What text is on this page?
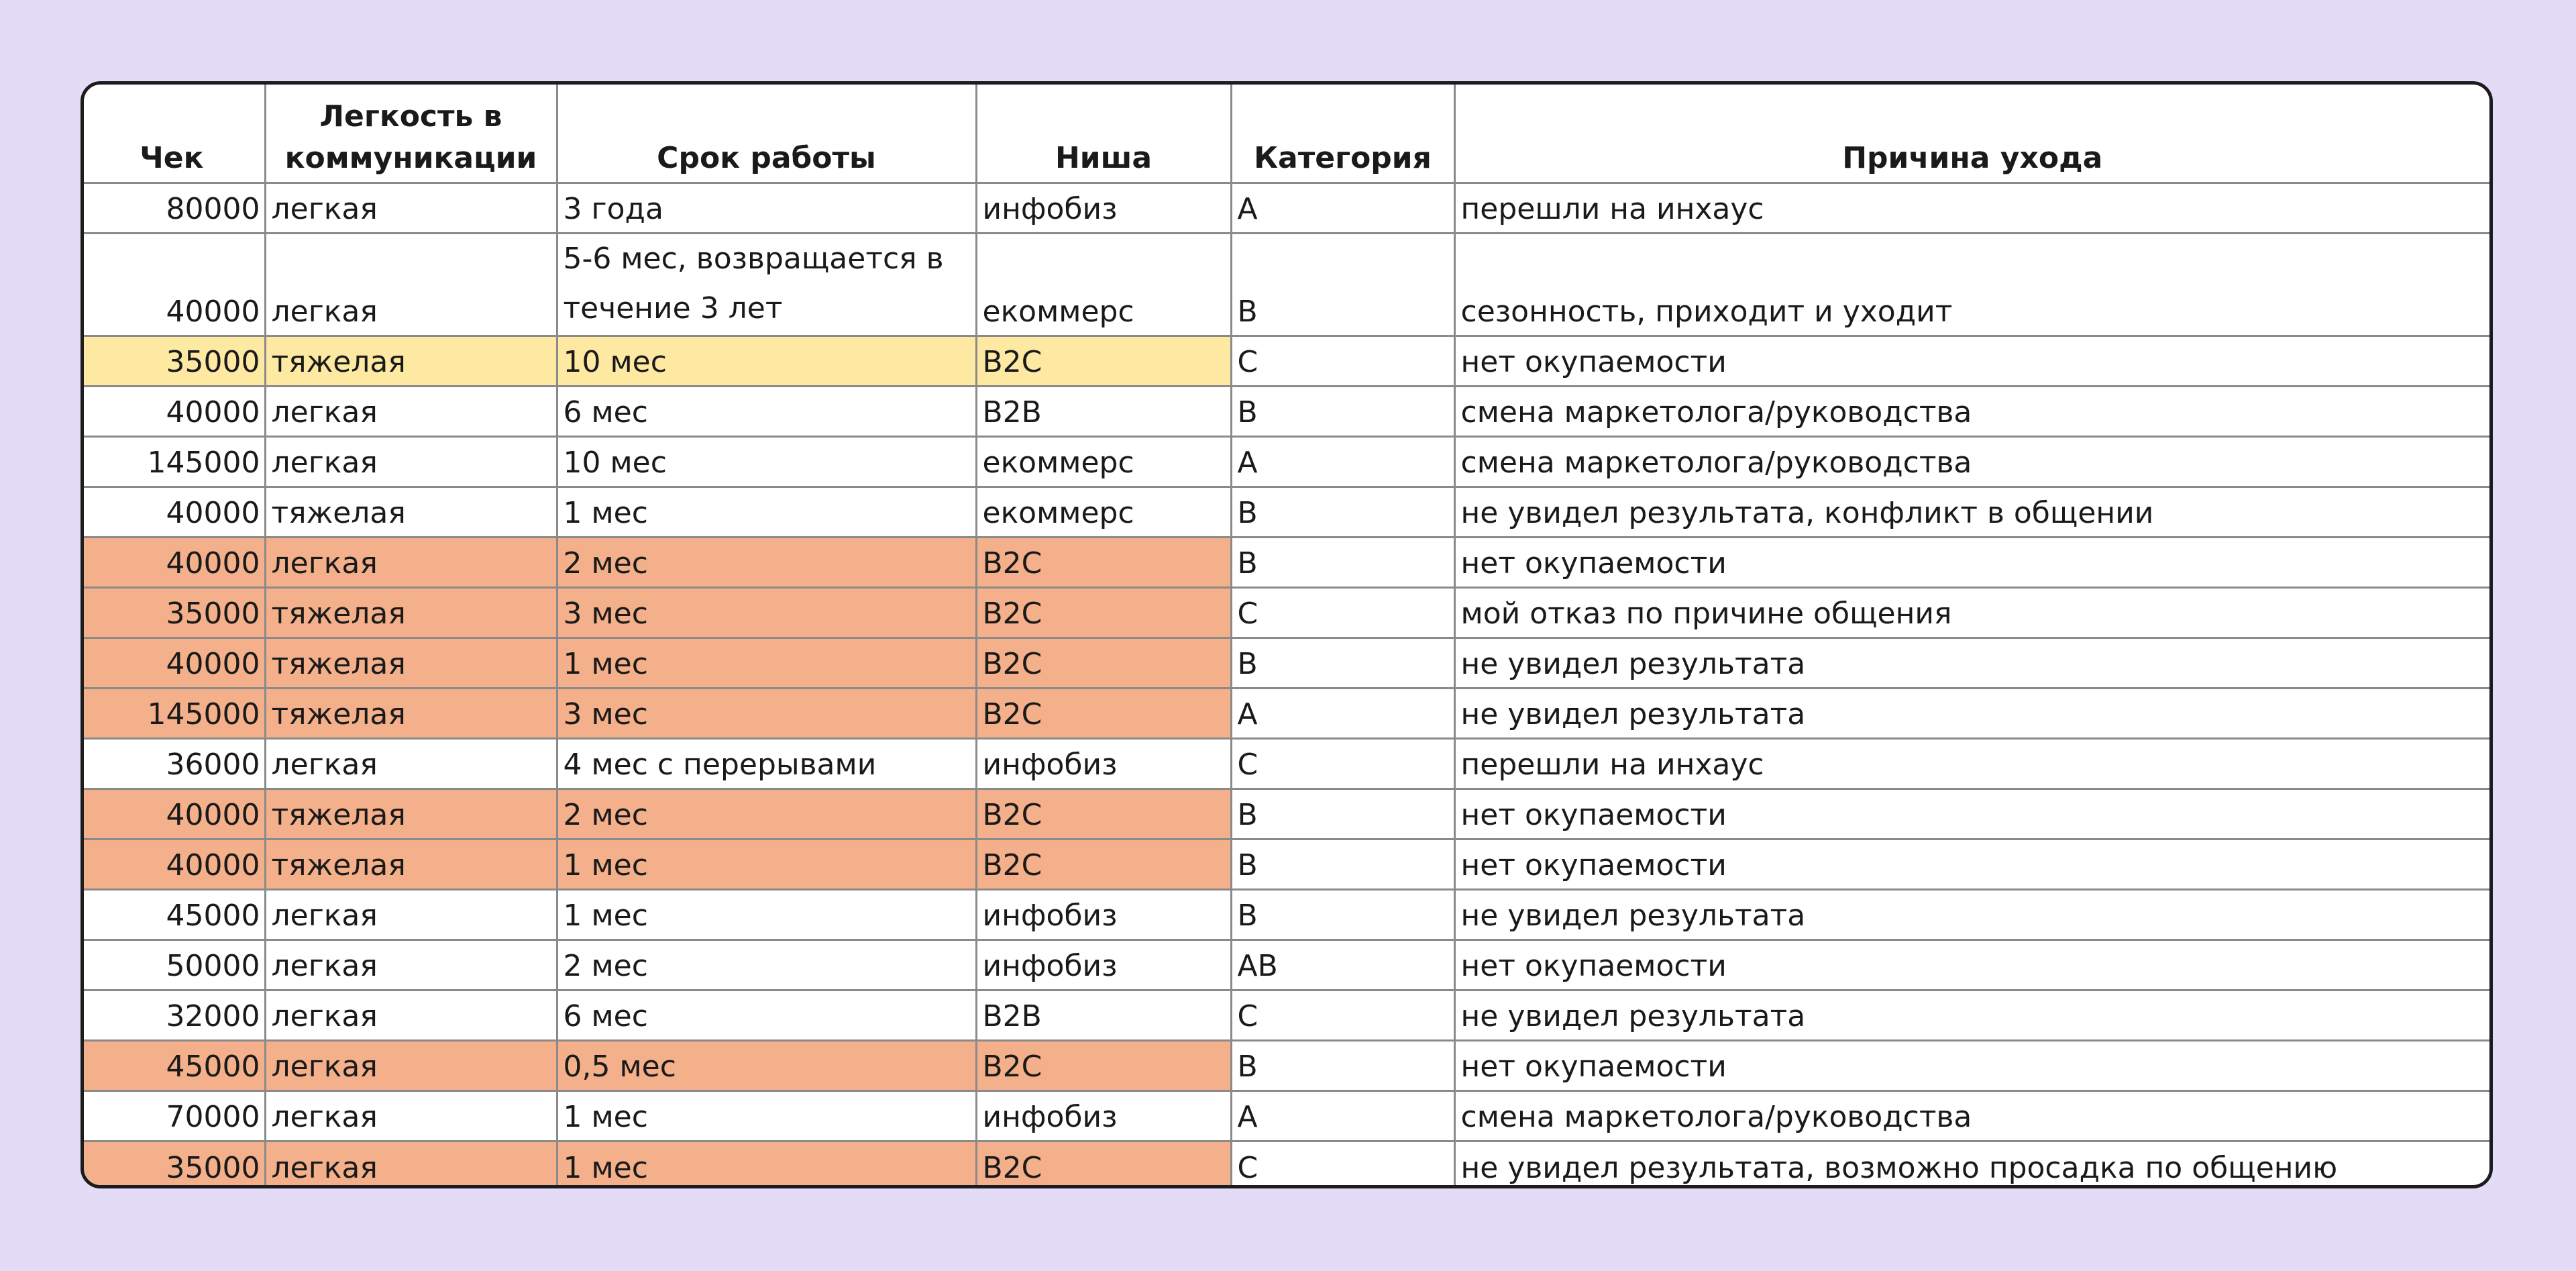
Чек	Легкость в коммуникации	Срок работы	Ниша	Категория	Причина ухода
80000	легкая	3 года	инфобиз	А	перешли на инхаус
40000	легкая	5-6 мес, возвращается в течение 3 лет	екоммерс	В	сезонность, приходит и уходит
35000	тяжелая	10 мес	B2C	C	нет окупаемости
40000	легкая	6 мес	B2B	B	смена маркетолога/руководства
145000	легкая	10 мес	екоммерс	А	смена маркетолога/руководства
40000	тяжелая	1 мес	екоммерс	B	не увидел результата, конфликт в общении
40000	легкая	2 мес	B2C	B	нет окупаемости
35000	тяжелая	3 мес	B2C	C	мой отказ по причине общения
40000	тяжелая	1 мес	B2C	B	не увидел результата
145000	тяжелая	3 мес	B2C	A	не увидел результата
36000	легкая	4 мес с перерывами	инфобиз	C	перешли на инхаус
40000	тяжелая	2 мес	B2C	B	нет окупаемости
40000	тяжелая	1 мес	B2C	B	нет окупаемости
45000	легкая	1 мес	инфобиз	B	не увидел результата
50000	легкая	2 мес	инфобиз	AB	нет окупаемости
32000	легкая	6 мес	B2B	C	не увидел результата
45000	легкая	0,5 мес	B2C	B	нет окупаемости
70000	легкая	1 мес	инфобиз	A	смена маркетолога/руководства
35000	легкая	1 мес	B2C	C	не увидел результата, возможно просадка по общению
